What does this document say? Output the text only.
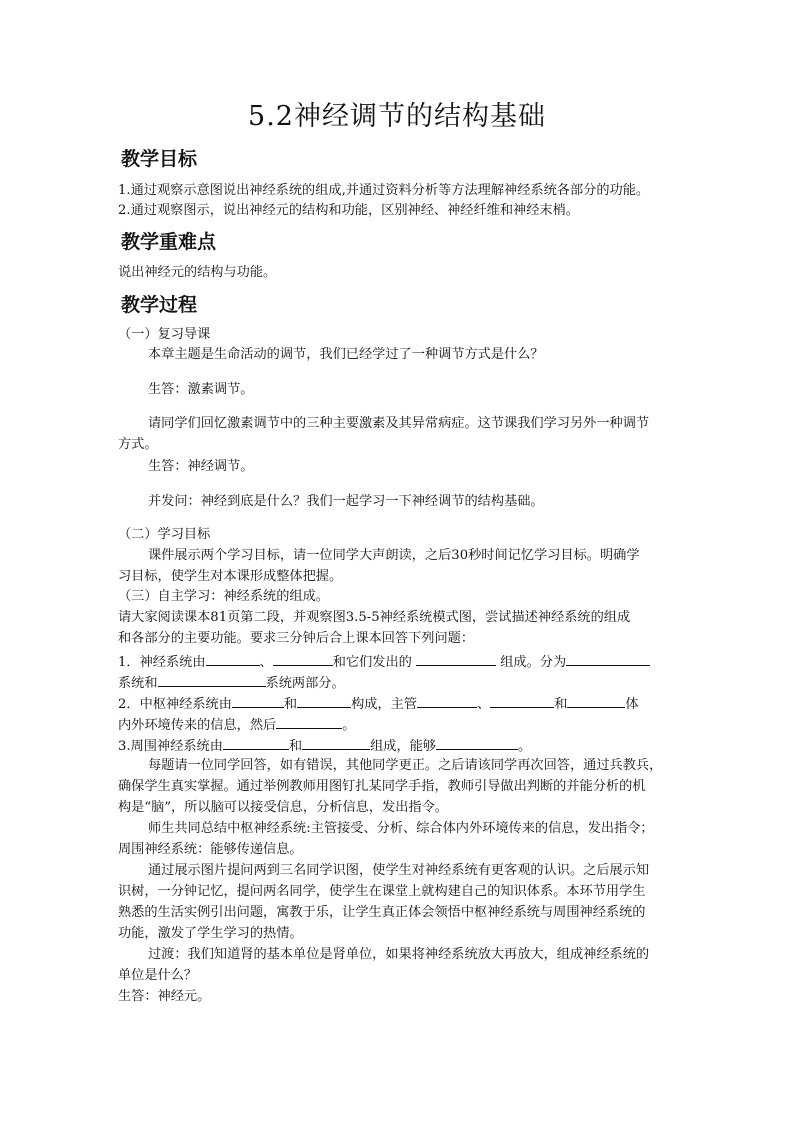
5.2神经调节的结构基础
教学目标
1.通过观察示意图说出神经系统的组成,并通过资料分析等方法理解神经系统各部分的功能。
2.通过观察图示，说出神经元的结构和功能，区别神经、神经纤维和神经末梢。
教学重难点
说出神经元的结构与功能。
教学过程
（一）复习导课
本章主题是生命活动的调节，我们已经学过了一种调节方式是什么？
生答：激素调节。
请同学们回忆激素调节中的三种主要激素及其异常病症。这节课我们学习另外一种调节
方式。
生答：神经调节。
并发问：神经到底是什么？我们一起学习一下神经调节的结构基础。
（二）学习目标
课件展示两个学习目标，请一位同学大声朗读，之后30秒时间记忆学习目标。明确学
习目标，使学生对本课形成整体把握。
（三）自主学习：神经系统的组成。
请大家阅读课本81页第二段，并观察图3.5-5神经系统模式图，尝试描述神经系统的组成
和各部分的主要功能。要求三分钟后合上课本回答下列问题：
1．神经系统由	、	和它们发出的	组成。分为
系统和	系统两部分。
2．中枢神经系统由	和	构成，主管	、	和	体
内外环境传来的信息，然后	。
3.周围神经系统由	和	组成，能够	。
每题请一位同学回答，如有错误，其他同学更正。之后请该同学再次回答，通过兵教兵，
确保学生真实掌握。通过举例教师用图钉扎某同学手指，教师引导做出判断的并能分析的机
构是“脑”，所以脑可以接受信息，分析信息，发出指令。
师生共同总结中枢神经系统:主管接受、分析、综合体内外环境传来的信息，发出指令；
周围神经系统：能够传递信息。
通过展示图片提问两到三名同学识图，使学生对神经系统有更客观的认识。之后展示知
识树，一分钟记忆，提问两名同学，使学生在课堂上就构建自己的知识体系。本环节用学生
熟悉的生活实例引出问题，寓教于乐，让学生真正体会领悟中枢神经系统与周围神经系统的
功能，激发了学生学习的热情。
过渡：我们知道肾的基本单位是肾单位，如果将神经系统放大再放大，组成神经系统的
单位是什么？
生答：神经元。
